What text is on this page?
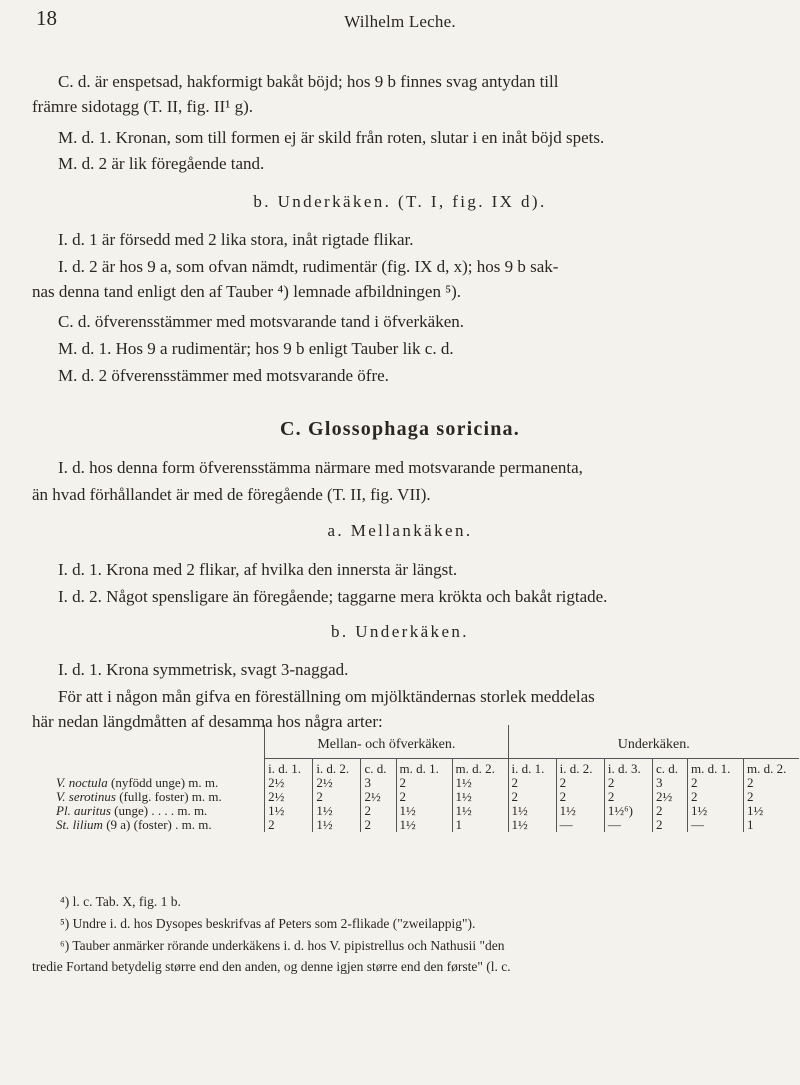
18	Wilhelm Leche.
C. d. är enspetsad, hakformigt bakåt böjd; hos 9 b finnes svag antydan till
främre sidotagg (T. II, fig. II¹ g).
M. d. 1. Kronan, som till formen ej är skild från roten, slutar i en inåt böjd spets.
M. d. 2 är lik föregående tand.
b. Underkäken. (T. I, fig. IX d).
I. d. 1 är försedd med 2 lika stora, inåt rigtade flikar.
I. d. 2 är hos 9 a, som ofvan nämdt, rudimentär (fig. IX d, x); hos 9 b sak-
nas denna tand enligt den af Tauber ⁴) lemnade afbildningen ⁵).
C. d. öfverensstämmer med motsvarande tand i öfverkäken.
M. d. 1. Hos 9 a rudimentär; hos 9 b enligt Tauber lik c. d.
M. d. 2 öfverensstämmer med motsvarande öfre.
C. Glossophaga soricina.
I. d. hos denna form öfverensstämma närmare med motsvarande permanenta,
än hvad förhållandet är med de föregående (T. II, fig. VII).
a. Mellankäken.
I. d. 1. Krona med 2 flikar, af hvilka den innersta är längst.
I. d. 2. Något spensligare än föregående; taggarne mera krökta och bakåt rigtade.
b. Underkäken.
I. d. 1. Krona symmetrisk, svagt 3-naggad.
För att i någon mån gifva en föreställning om mjölktändernas storlek meddelas
här nedan längdmåtten af desamma hos några arter:
	Mellan- och öfverkäken.					Underkäken.					
	i. d. 1.	i. d. 2.	c. d.	m. d. 1.	m. d. 2.	i. d. 1.	i. d. 2.	i. d. 3.	c. d.	m. d. 1.	m. d. 2.
V. noctula (nyfödd unge) m. m.	2½	2½	3	2	1½	2	2	2	3	2	2
V. serotinus (fullg. foster) m. m.	2½	2	2½	2	1½	2	2	2	2½	2	2
Pl. auritus (unge) . . . . m. m.	1½	1½	2	1½	1½	1½	1½	1½⁶)	2	1½	1½
St. lilium (9 a) (foster) . m. m.	2	1½	2	1½	1	1½	—	—	2	—	1
⁴) l. c. Tab. X, fig. 1 b.
⁵) Undre i. d. hos Dysopes beskrifvas af Peters som 2-flikade ("zweilappig").
⁶) Tauber anmärker rörande underkäkens i. d. hos V. pipistrellus och Nathusii "den
tredie Fortand betydelig større end den anden, og denne igjen større end den første" (l. c.
